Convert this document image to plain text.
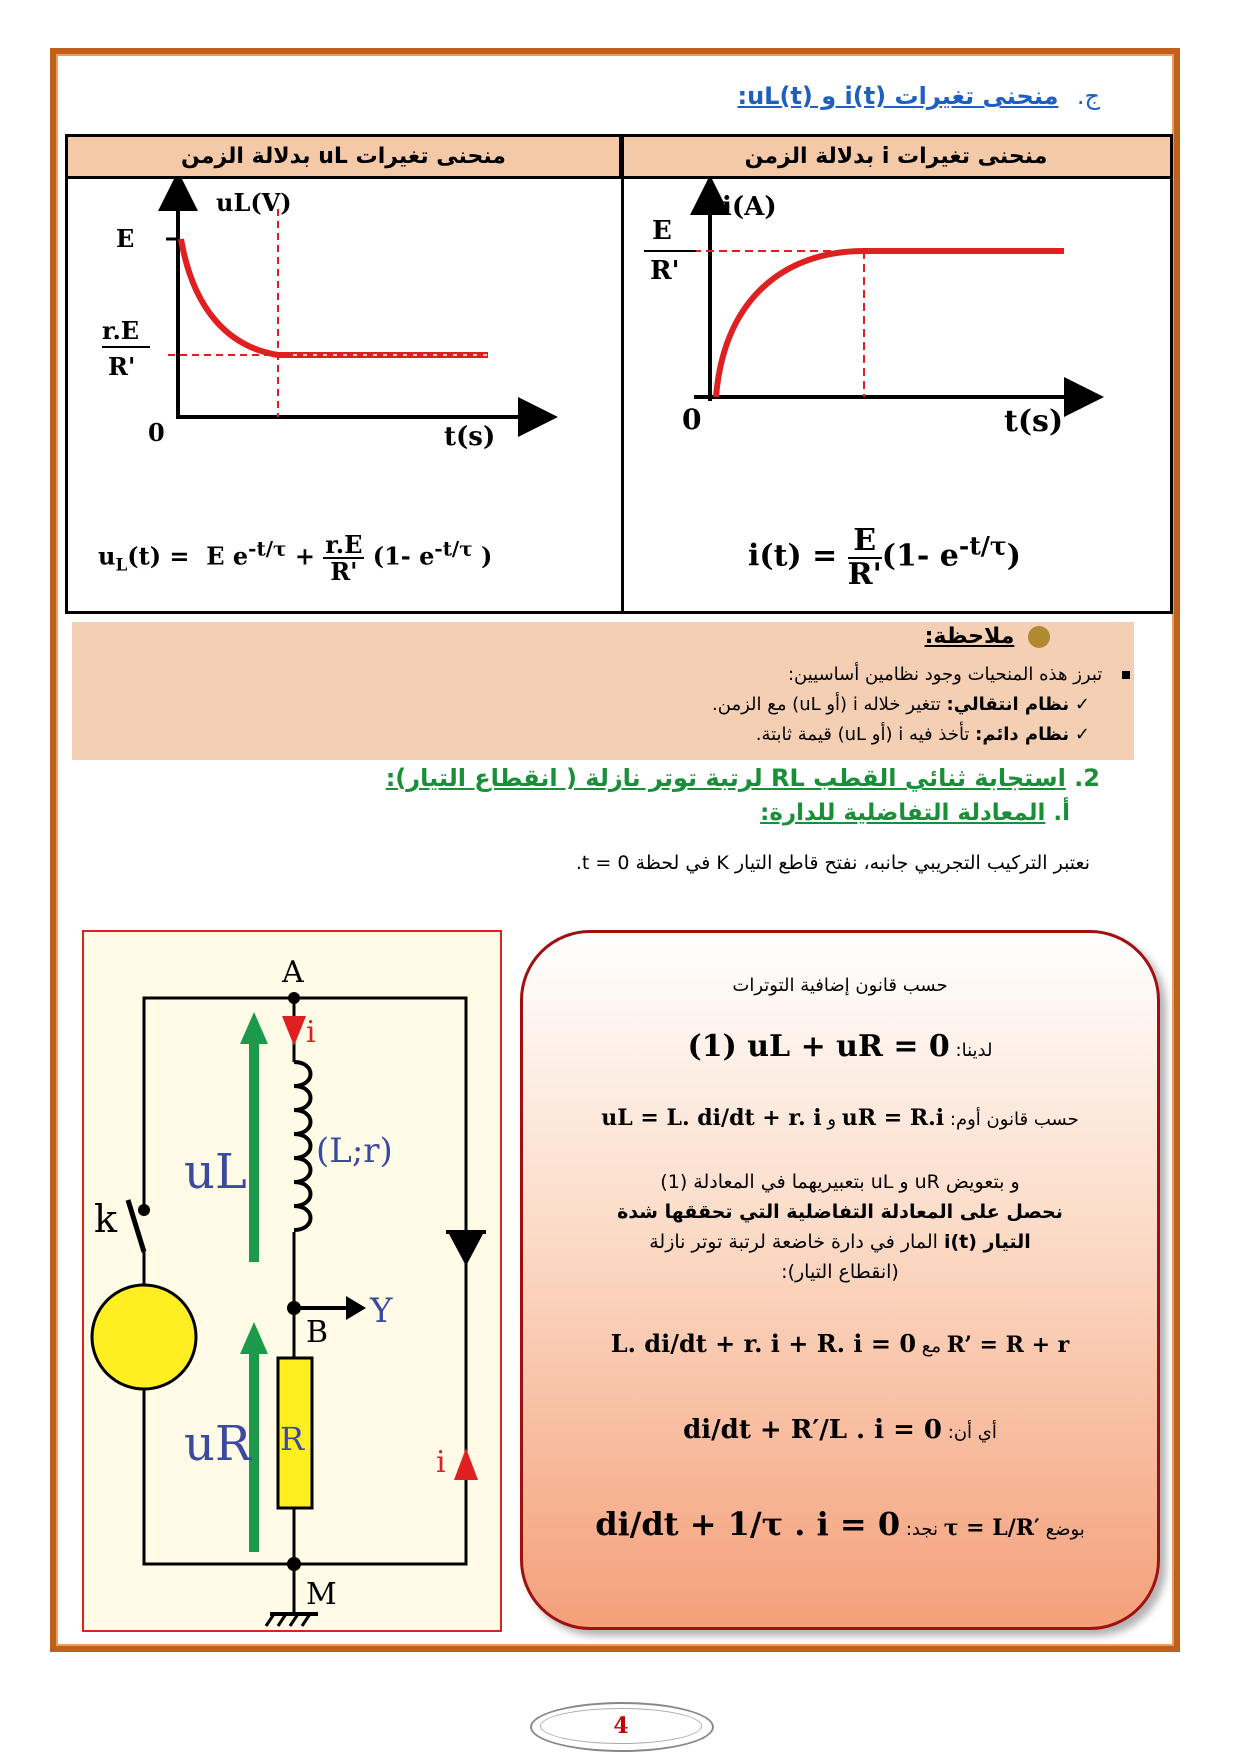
ج. منحنى تغيرات i(t) و uL(t):
منحنى تغيرات i بدلالة الزمن
منحنى تغيرات uL بدلالة الزمن
uL(V)
E
r.E
R'
0	t(s)
$u_L(t) = E$ $e^{-t/\tau} + \frac{r.E}{R'} (1-$ $e^{-t/\tau}$ )
i(A)
E
R'
0	t(s)
$i(t) = \frac{E}{R'} (1-$ $e^{-t/\tau}$)
ملاحظة:
تبرز هذه المنحيات وجود نظامين أساسيين:
✓ نظام انتقالي: تتغير خلاله i (أو uL) مع الزمن.
✓ نظام دائم: تأخذ فيه i (أو uL) قيمة ثابتة.
2. استجابة ثنائي القطب RL لرتبة توتر نازلة ( انقطاع التيار):
أ. المعادلة التفاضلية للدارة:
نعتبر التركيب التجريبي جانبه، نفتح قاطع التيار K في لحظة t = 0.
A
B
M
k
(L;r)
R
i
i
uL
uR
Y
حسب قانون إضافية التوترات
لدينا: (1) uL + uR = 0
حسب قانون أوم: uR = R.i و uL = L. di/dt + r. i
و بتعويض uR و uL بتعبيريهما في المعادلة (1)
نحصل على المعادلة التفاضلية التي تحققها شدة
التيار i(t) المار في دارة خاضعة لرتبة توتر نازلة
(انقطاع التيار):
R’ = R + r مع L. di/dt + r. i + R. i = 0
أي أن: di/dt + R′/L . i = 0
بوضع τ = L/R′ نجد: di/dt + 1/τ . i = 0
4
